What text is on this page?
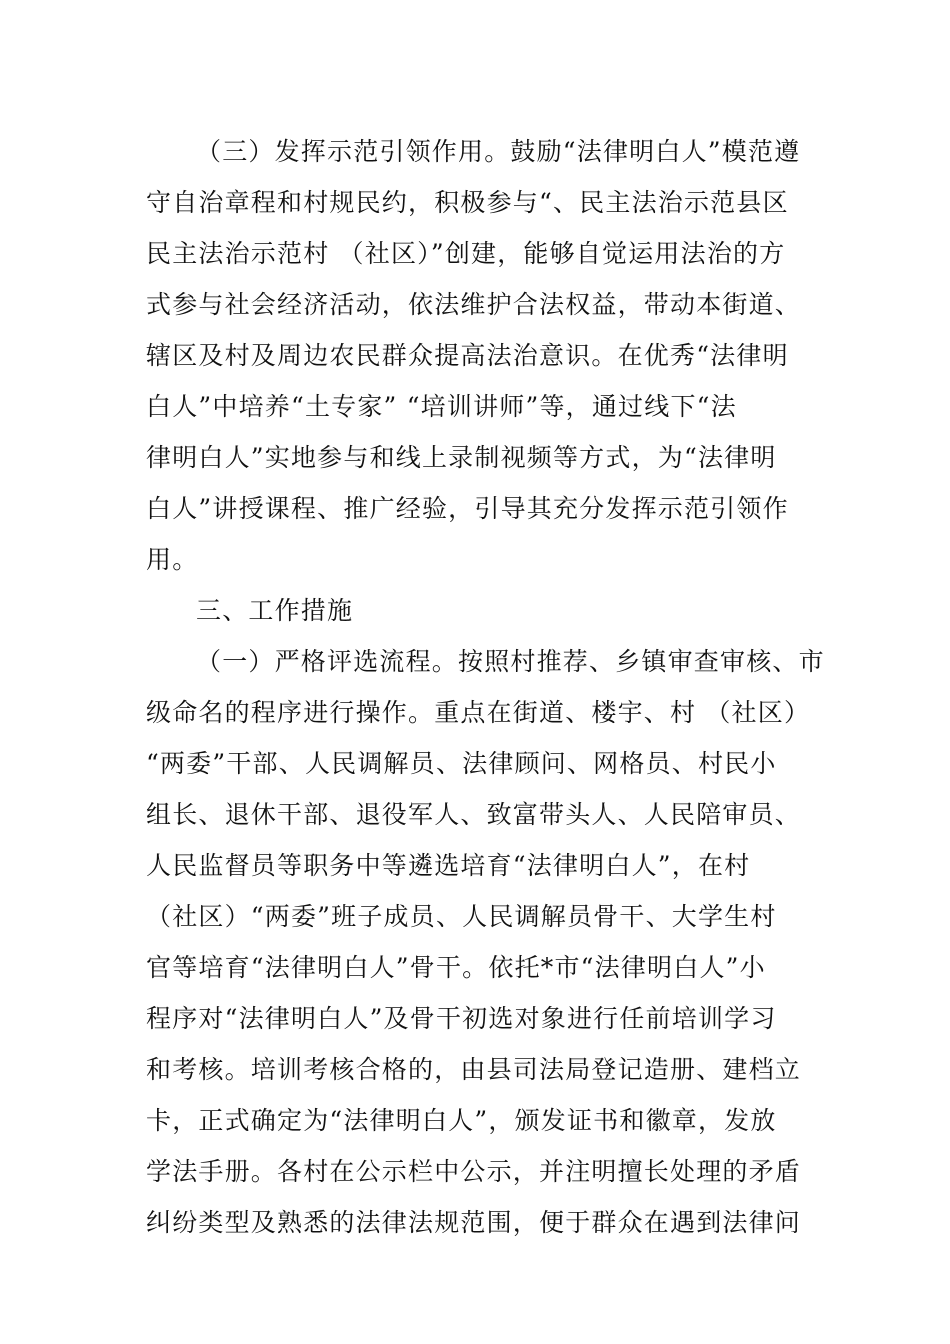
（三）发挥示范引领作用。鼓励“法律明白人”模范遵
守自治章程和村规民约，积极参与“、民主法治示范县区
民主法治示范村 （社区）”创建，能够自觉运用法治的方
式参与社会经济活动，依法维护合法权益，带动本街道、
辖区及村及周边农民群众提高法治意识。在优秀“法律明
白人”中培养“土专家” “培训讲师”等，通过线下“法
律明白人”实地参与和线上录制视频等方式，为“法律明
白人”讲授课程、推广经验，引导其充分发挥示范引领作
用。
三、工作措施
（一）严格评选流程。按照村推荐、乡镇审查审核、市
级命名的程序进行操作。重点在街道、楼宇、村 （社区）
“两委”干部、人民调解员、法律顾问、网格员、村民小
组长、退休干部、退役军人、致富带头人、人民陪审员、
人民监督员等职务中等遴选培育“法律明白人”，在村
（社区）“两委”班子成员、人民调解员骨干、大学生村
官等培育“法律明白人”骨干。依托*市“法律明白人”小
程序对“法律明白人”及骨干初选对象进行任前培训学习
和考核。培训考核合格的，由县司法局登记造册、建档立
卡，正式确定为“法律明白人”，颁发证书和徽章，发放
学法手册。各村在公示栏中公示，并注明擅长处理的矛盾
纠纷类型及熟悉的法律法规范围，便于群众在遇到法律问
